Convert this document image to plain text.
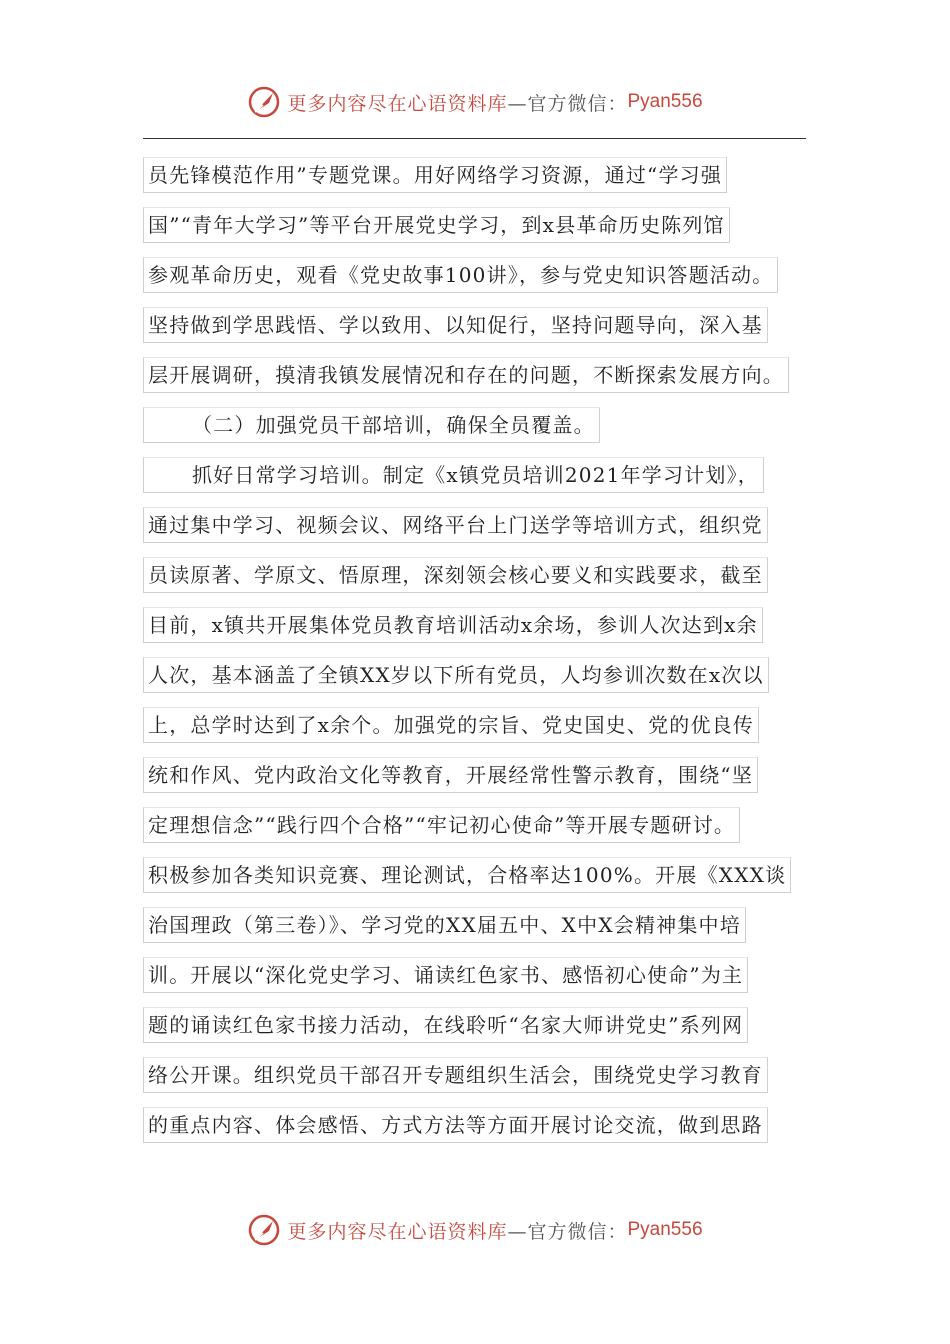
更多内容尽在心语资料库 —官方微信： Pyan556
员先锋模范作用”专题党课。用好网络学习资源，通过“学习强
国”“青年大学习”等平台开展党史学习，到x县革命历史陈列馆
参观革命历史，观看《党史故事100讲》，参与党史知识答题活动。
坚持做到学思践悟、学以致用、以知促行，坚持问题导向，深入基
层开展调研，摸清我镇发展情况和存在的问题，不断探索发展方向。
（二）加强党员干部培训，确保全员覆盖。
抓好日常学习培训。制定《x镇党员培训2021年学习计划》，
通过集中学习、视频会议、网络平台上门送学等培训方式，组织党
员读原著、学原文、悟原理，深刻领会核心要义和实践要求，截至
目前，x镇共开展集体党员教育培训活动x余场，参训人次达到x余
人次，基本涵盖了全镇XX岁以下所有党员，人均参训次数在x次以
上，总学时达到了x余个。加强党的宗旨、党史国史、党的优良传
统和作风、党内政治文化等教育，开展经常性警示教育，围绕“坚
定理想信念”“践行四个合格”“牢记初心使命”等开展专题研讨。
积极参加各类知识竞赛、理论测试，合格率达100%。开展《XXX谈
治国理政（第三卷）》、学习党的XX届五中、X中X会精神集中培
训。开展以“深化党史学习、诵读红色家书、感悟初心使命”为主
题的诵读红色家书接力活动，在线聆听“名家大师讲党史”系列网
络公开课。组织党员干部召开专题组织生活会，围绕党史学习教育
的重点内容、体会感悟、方式方法等方面开展讨论交流，做到思路
更多内容尽在心语资料库 —官方微信： Pyan556
